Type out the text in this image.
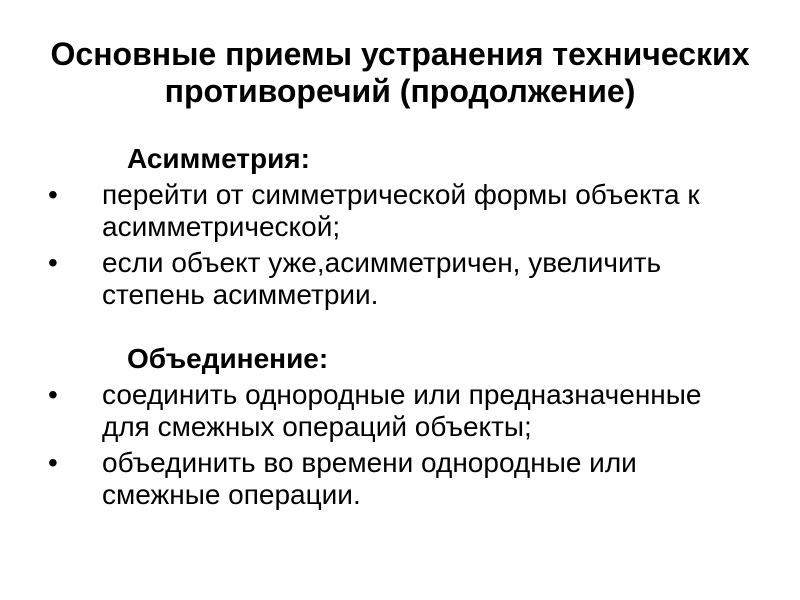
Основные приемы устранения технических противоречий (продолжение)

Асимметрия:

• перейти от симметрической формы объекта к асимметрической;
• если объект уже,асимметричен, увеличить степень асимметрии.

Объединение:

• соединить однородные или предназначенные для смежных операций объекты;
• объединить во времени однородные или смежные операции.
